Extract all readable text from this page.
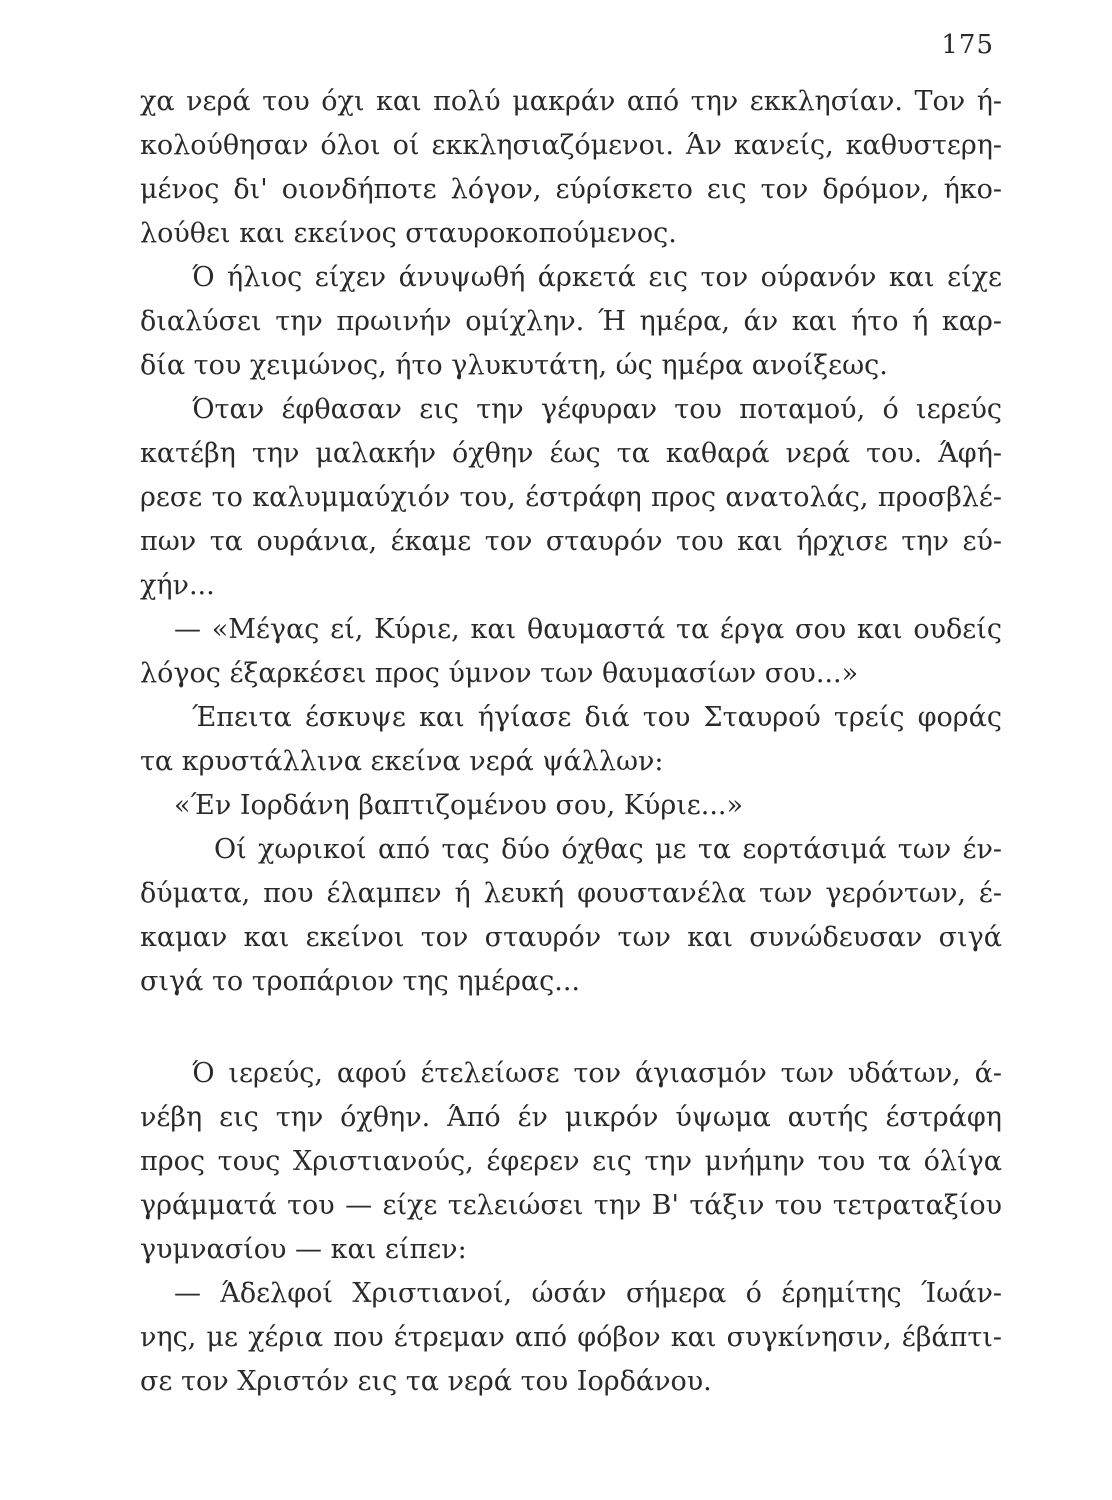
175
χα νερά του όχι και πολύ μακράν από την εκκλησίαν. Τον ή-
κολούθησαν όλοι οί εκκλησιαζόμενοι. Άν κανείς, καθυστερη-
μένος δι' οιονδήποτε λόγον, εύρίσκετο εις τον δρόμον, ήκο-
λούθει και εκείνος σταυροκοπούμενος.
Ό ήλιος είχεν άνυψωθή άρκετά εις τον ούρανόν και είχε
διαλύσει την πρωινήν ομίχλην. Ή ημέρα, άν και ήτο ή καρ-
δία του χειμώνος, ήτο γλυκυτάτη, ώς ημέρα ανοίξεως.
Όταν έφθασαν εις την γέφυραν του ποταμού, ό ιερεύς
κατέβη την μαλακήν όχθην έως τα καθαρά νερά του. Άφή-
ρεσε το καλυμμαύχιόν του, έστράφη προς ανατολάς, προσβλέ-
πων τα ουράνια, έκαμε τον σταυρόν του και ήρχισε την εύ-
χήν...
— «Μέγας εί, Κύριε, και θαυμαστά τα έργα σου και ουδείς
λόγος έξαρκέσει προς ύμνον των θαυμασίων σου...»
Έπειτα έσκυψε και ήγίασε διά του Σταυρού τρείς φοράς
τα κρυστάλλινα εκείνα νερά ψάλλων:
«Έν Ιορδάνη βαπτιζομένου σου, Κύριε...»
Οί χωρικοί από τας δύο όχθας με τα εορτάσιμά των έν-
δύματα, που έλαμπεν ή λευκή φουστανέλα των γερόντων, έ-
καμαν και εκείνοι τον σταυρόν των και συνώδευσαν σιγά
σιγά το τροπάριον της ημέρας...
Ό ιερεύς, αφού έτελείωσε τον άγιασμόν των υδάτων, ά-
νέβη εις την όχθην. Άπό έν μικρόν ύψωμα αυτής έστράφη
προς τους Χριστιανούς, έφερεν εις την μνήμην του τα όλίγα
γράμματά του — είχε τελειώσει την Β' τάξιν του τετραταξίου
γυμνασίου — και είπεν:
— Άδελφοί Χριστιανοί, ώσάν σήμερα ό έρημίτης Ίωάν-
νης, με χέρια που έτρεμαν από φόβον και συγκίνησιν, έβάπτι-
σε τον Χριστόν εις τα νερά του Ιορδάνου.
